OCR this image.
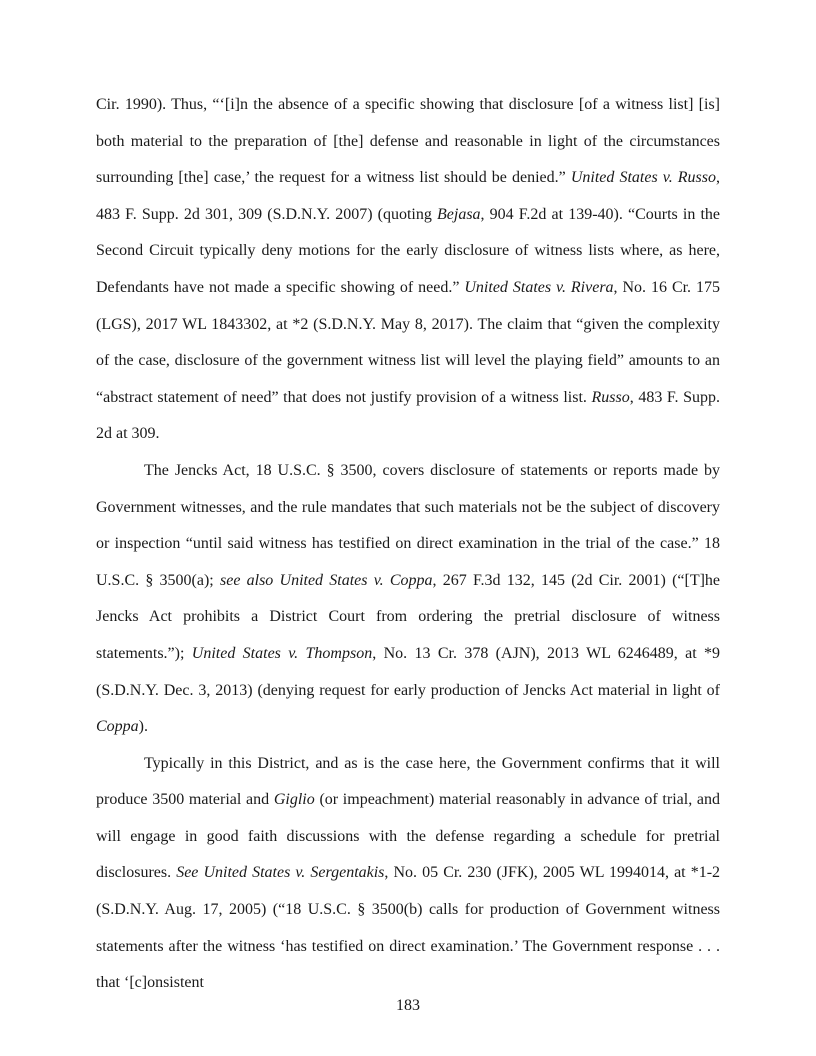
Cir. 1990). Thus, “‘[i]n the absence of a specific showing that disclosure [of a witness list] [is] both material to the preparation of [the] defense and reasonable in light of the circumstances surrounding [the] case,’ the request for a witness list should be denied.” United States v. Russo, 483 F. Supp. 2d 301, 309 (S.D.N.Y. 2007) (quoting Bejasa, 904 F.2d at 139-40). “Courts in the Second Circuit typically deny motions for the early disclosure of witness lists where, as here, Defendants have not made a specific showing of need.” United States v. Rivera, No. 16 Cr. 175 (LGS), 2017 WL 1843302, at *2 (S.D.N.Y. May 8, 2017). The claim that “given the complexity of the case, disclosure of the government witness list will level the playing field” amounts to an “abstract statement of need” that does not justify provision of a witness list. Russo, 483 F. Supp. 2d at 309.

The Jencks Act, 18 U.S.C. § 3500, covers disclosure of statements or reports made by Government witnesses, and the rule mandates that such materials not be the subject of discovery or inspection “until said witness has testified on direct examination in the trial of the case.” 18 U.S.C. § 3500(a); see also United States v. Coppa, 267 F.3d 132, 145 (2d Cir. 2001) (“[T]he Jencks Act prohibits a District Court from ordering the pretrial disclosure of witness statements.”); United States v. Thompson, No. 13 Cr. 378 (AJN), 2013 WL 6246489, at *9 (S.D.N.Y. Dec. 3, 2013) (denying request for early production of Jencks Act material in light of Coppa).

Typically in this District, and as is the case here, the Government confirms that it will produce 3500 material and Giglio (or impeachment) material reasonably in advance of trial, and will engage in good faith discussions with the defense regarding a schedule for pretrial disclosures. See United States v. Sergentakis, No. 05 Cr. 230 (JFK), 2005 WL 1994014, at *1-2 (S.D.N.Y. Aug. 17, 2005) (“18 U.S.C. § 3500(b) calls for production of Government witness statements after the witness ‘has testified on direct examination.’ The Government response . . . that ‘[c]onsistent

183
